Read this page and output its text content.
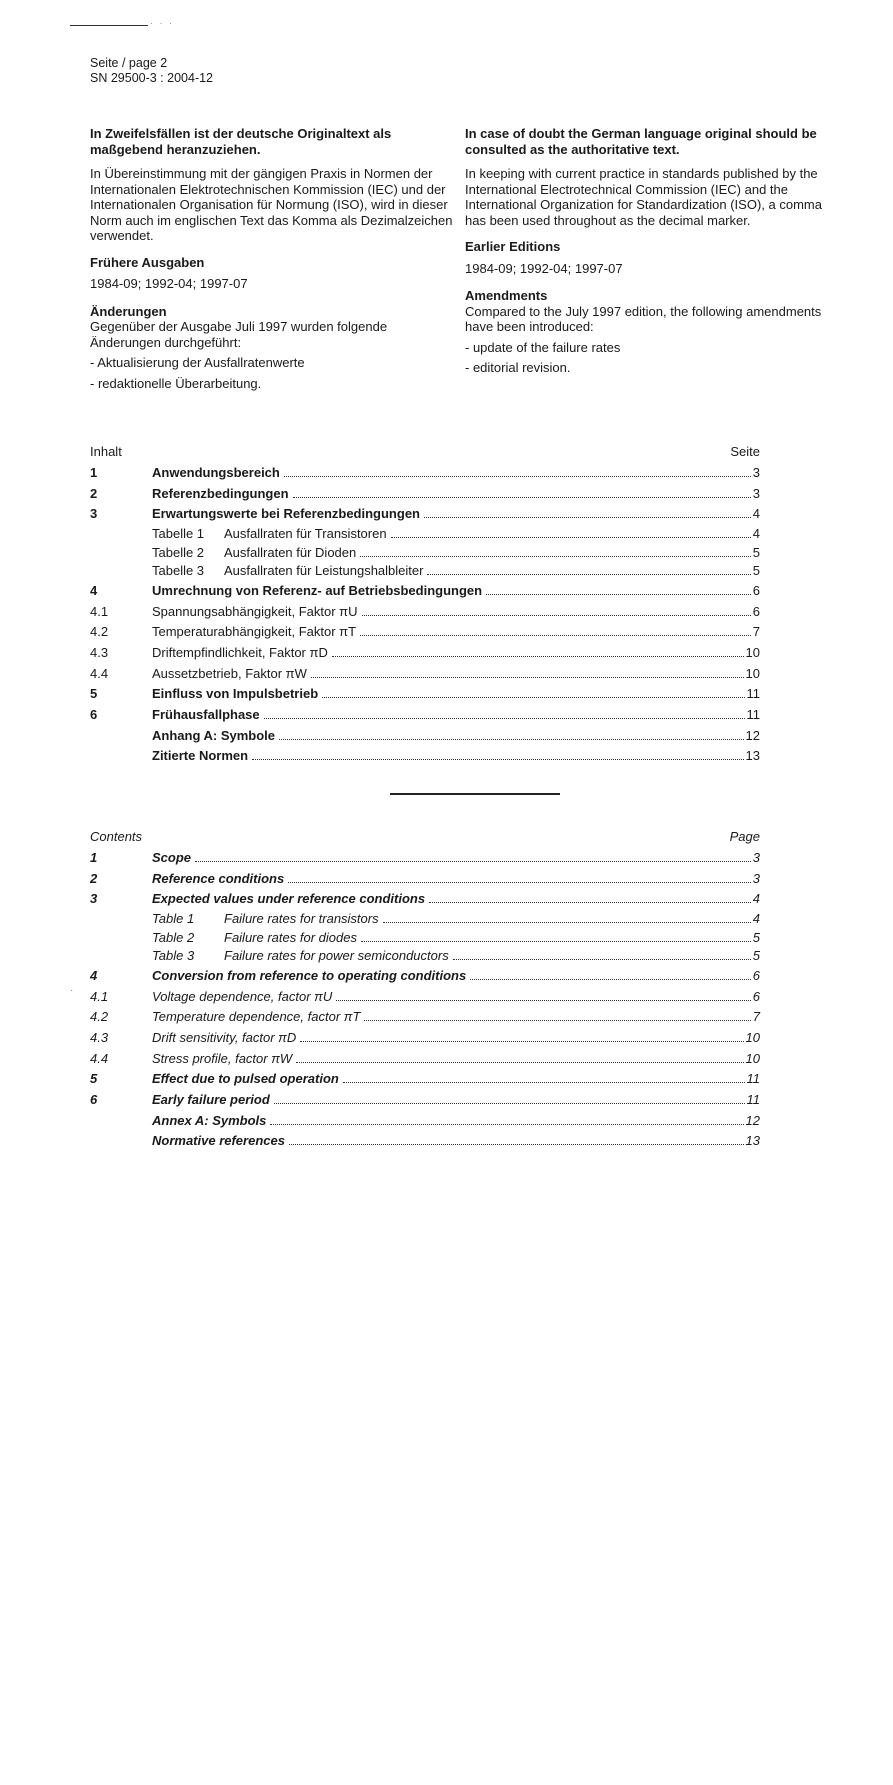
· · ·
Seite / page 2
SN 29500-3 : 2004-12

In Zweifelsfällen ist der deutsche Originaltext als maßgebend heranzuziehen.

In Übereinstimmung mit der gängigen Praxis in Normen der Internationalen Elektrotechnischen Kommission (IEC) und der Internationalen Organisation für Normung (ISO), wird in dieser Norm auch im englischen Text das Komma als Dezimalzeichen verwendet.

Frühere Ausgaben

1984-09; 1992-04; 1997-07

Änderungen

Gegenüber der Ausgabe Juli 1997 wurden folgende Änderungen durchgeführt:

- Aktualisierung der Ausfallratenwerte

- redaktionelle Überarbeitung.

In case of doubt the German language original should be consulted as the authoritative text.

In keeping with current practice in standards published by the International Electrotechnical Commission (IEC) and the International Organization for Standardization (ISO), a comma has been used throughout as the decimal marker.

Earlier Editions

1984-09; 1992-04; 1997-07

Amendments

Compared to the July 1997 edition, the following amendments have been introduced:

- update of the failure rates

- editorial revision.

Inhalt	Seite
1	Anwendungsbereich	3
2	Referenzbedingungen	3
3	Erwartungswerte bei Referenzbedingungen	4
Tabelle 1	Ausfallraten für Transistoren	4
Tabelle 2	Ausfallraten für Dioden	5
Tabelle 3	Ausfallraten für Leistungshalbleiter	5
4	Umrechnung von Referenz- auf Betriebsbedingungen	6
4.1	Spannungsabhängigkeit, Faktor πU	6
4.2	Temperaturabhängigkeit, Faktor πT	7
4.3	Driftempfindlichkeit, Faktor πD	10
4.4	Aussetzbetrieb, Faktor πW	10
5	Einfluss von Impulsbetrieb	11
6	Frühausfallphase	11
Anhang A: Symbole	12
Zitierte Normen	13
Contents	Page
1	Scope	3
2	Reference conditions	3
3	Expected values under reference conditions	4
Table 1	Failure rates for transistors	4
Table 2	Failure rates for diodes	5
Table 3	Failure rates for power semiconductors	5
4	Conversion from reference to operating conditions	6
4.1	Voltage dependence, factor πU	6
4.2	Temperature dependence, factor πT	7
4.3	Drift sensitivity, factor πD	10
4.4	Stress profile, factor πW	10
5	Effect due to pulsed operation	11
6	Early failure period	11
Annex A: Symbols	12
Normative references	13
·
